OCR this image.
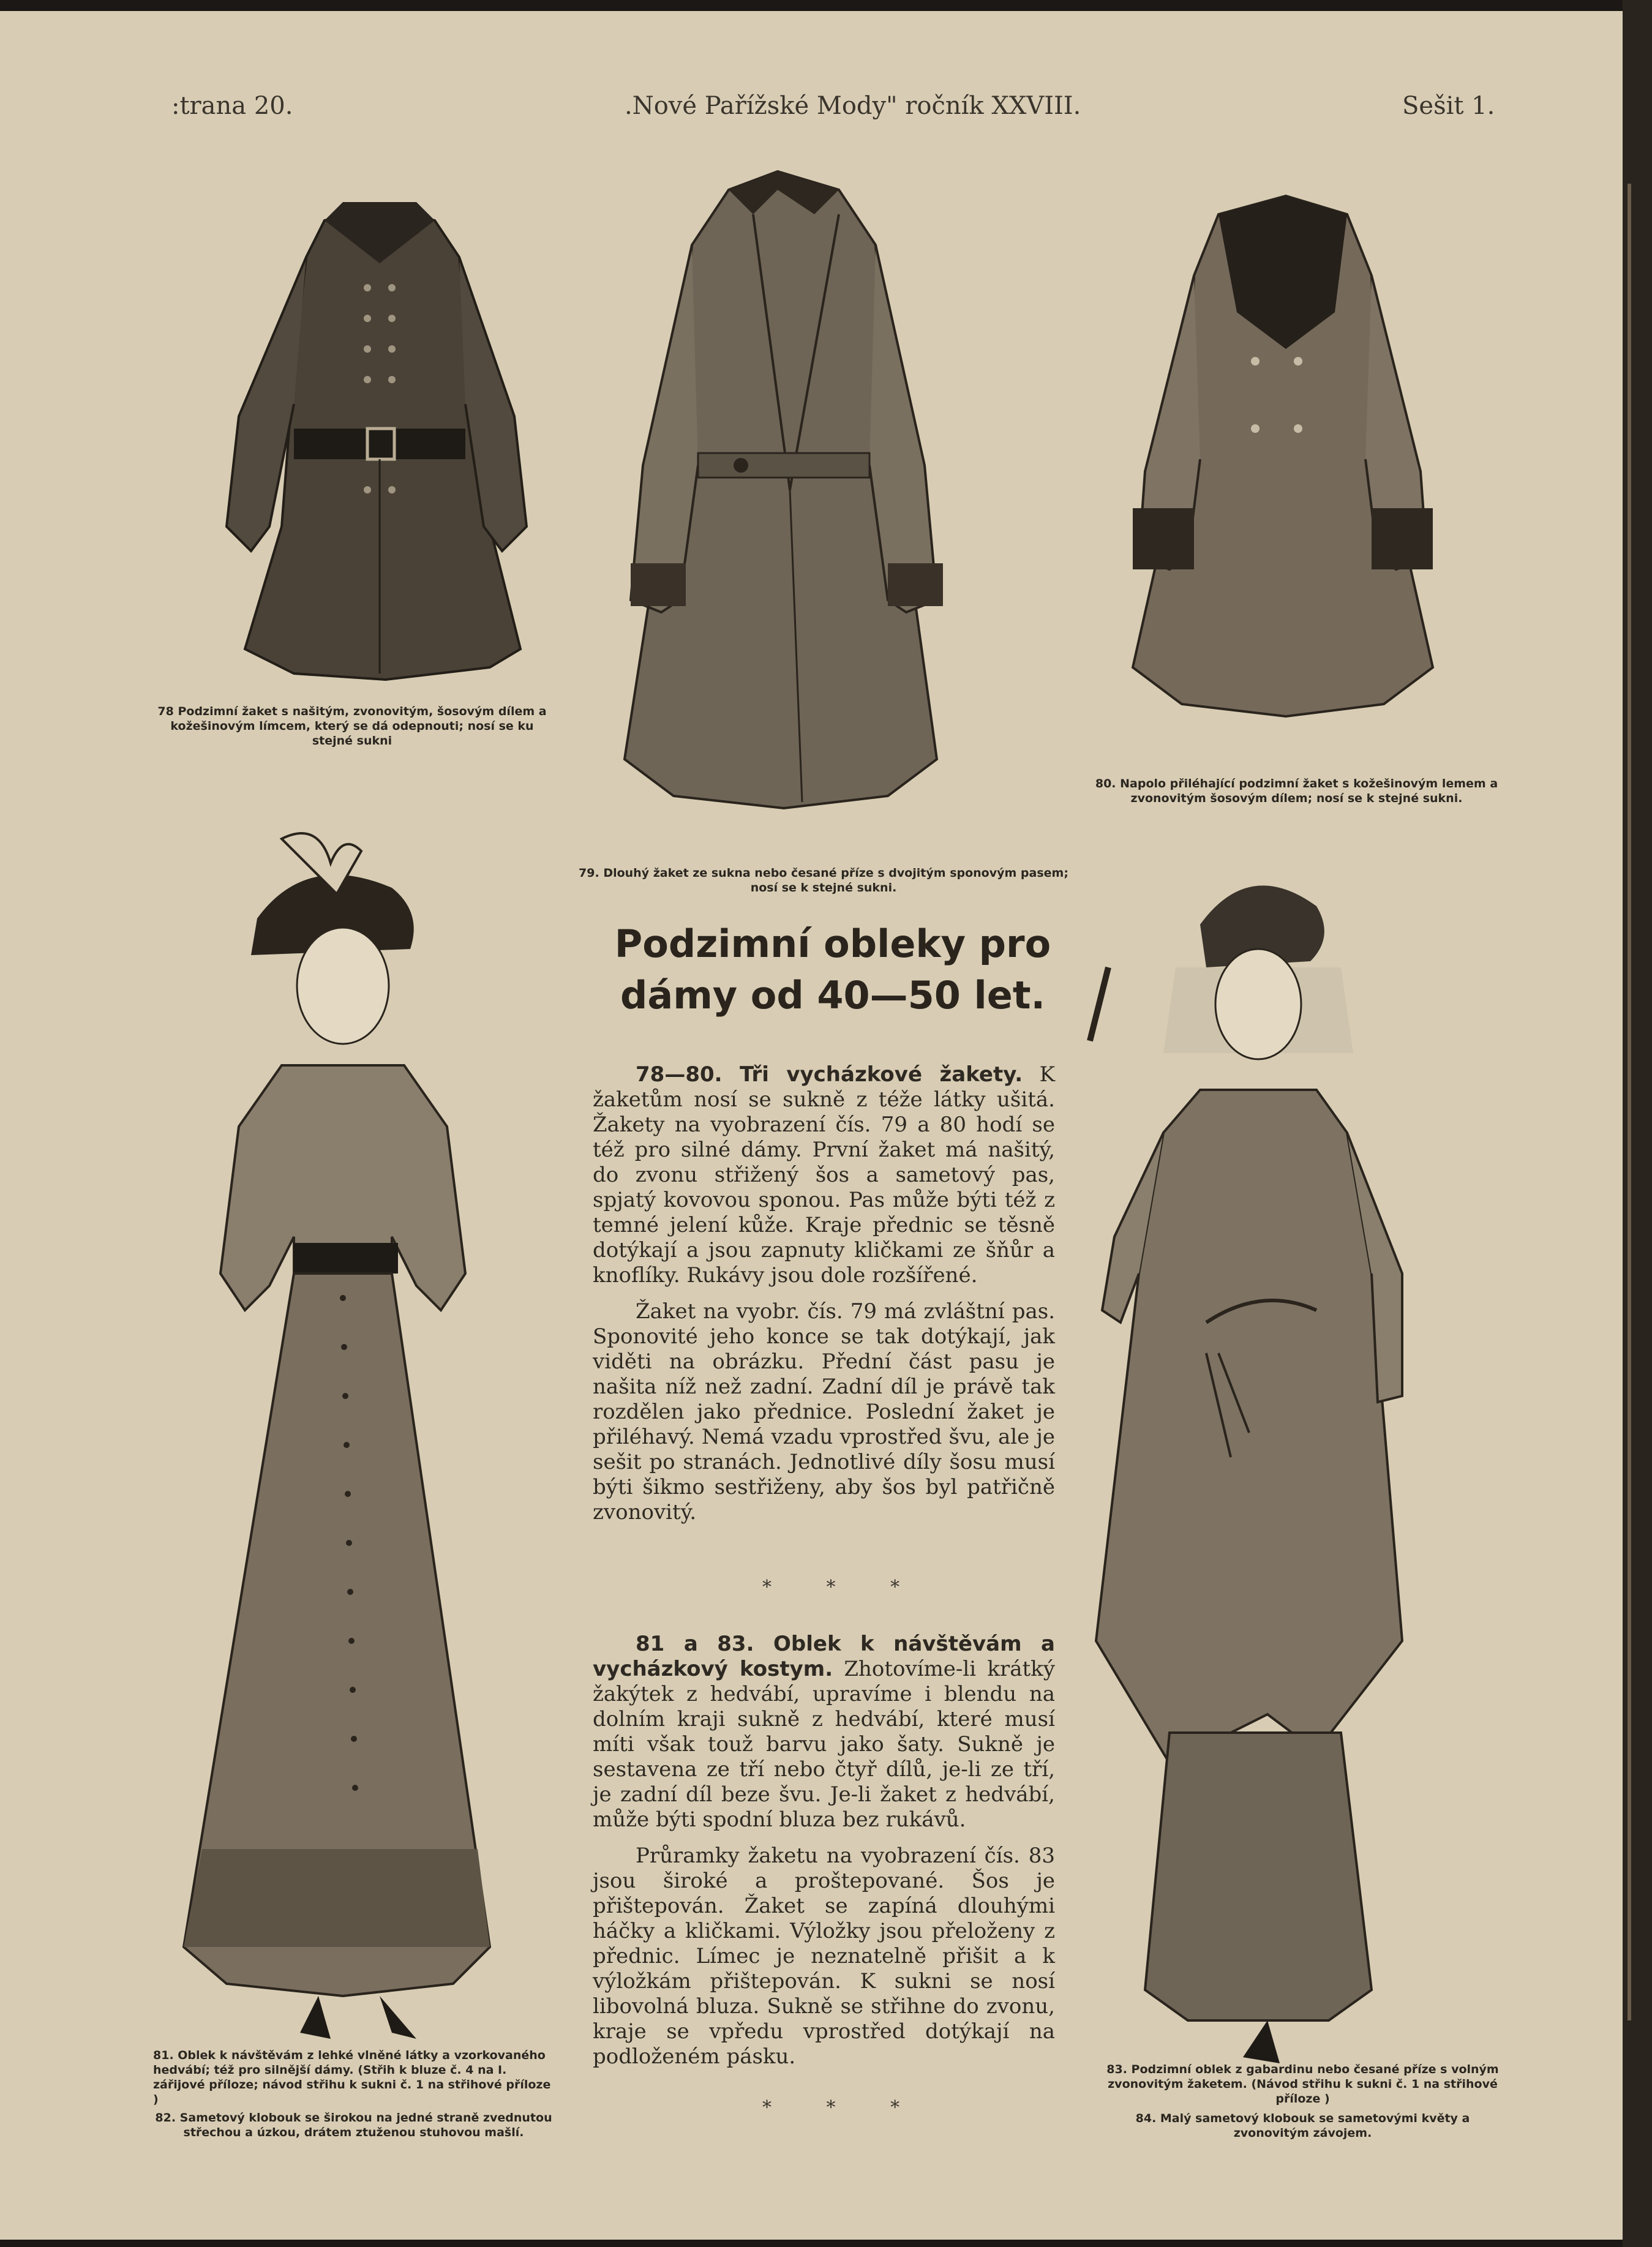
:trana 20.	.Nové Pařížské Mody" ročník XXVIII.	Sešit 1.
78 Podzimní žaket s našitým, zvonovitým, šosovým dílem a kožešinovým límcem, který se dá odepnouti; nosí se ku stejné sukni
79. Dlouhý žaket ze sukna nebo česané příze s dvojitým sponovým pasem; nosí se k stejné sukni.
80. Napolo přiléhající podzimní žaket s kožešinovým lemem a zvonovitým šosovým dílem; nosí se k stejné sukni.
81. Oblek k návštěvám z lehké vlněné látky a vzorkovaného hedvábí; též pro silnější dámy. (Střih k bluze č. 4 na I. zářijové příloze; návod střihu k sukni č. 1 na střihové příloze )
82. Sametový klobouk se širokou na jedné straně zvednutou střechou a úzkou, drátem ztuženou stuhovou mašlí.
83. Podzimní oblek z gabardinu nebo česané příze s volným zvonovitým žaketem. (Návod střihu k sukni č. 1 na střihové příloze )
84. Malý sametový klobouk se sametovými květy a zvonovitým závojem.
Podzimní obleky pro
dámy od 40—50 let.

78—80. Tři vycházkové žakety. K žaketům nosí se sukně z téže látky ušitá. Žakety na vyobrazení čís. 79 a 80 hodí se též pro silné dámy. První žaket má našitý, do zvonu střižený šos a sametový pas, spjatý kovovou sponou. Pas může býti též z temné jelení kůže. Kraje přednic se těsně dotýkají a jsou zapnuty kličkami ze šňůr a knoflíky. Rukávy jsou dole rozšířené.

Žaket na vyobr. čís. 79 má zvláštní pas. Sponovité jeho konce se tak dotýkají, jak viděti na obrázku. Přední část pasu je našita níž než zadní. Zadní díl je právě tak rozdělen jako přednice. Poslední žaket je přiléhavý. Nemá vzadu vprostřed švu, ale je sešit po stranách. Jednotlivé díly šosu musí býti šikmo sestřiženy, aby šos byl patřičně zvonovitý.

* * *

81 a 83. Oblek k návštěvám a vycházkový kostym. Zhotovíme-li krátký žakýtek z hedvábí, upravíme i blendu na dolním kraji sukně z hedvábí, které musí míti však touž barvu jako šaty. Sukně je sestavena ze tří nebo čtyř dílů, je-li ze tří, je zadní díl beze švu. Je-li žaket z hedvábí, může býti spodní bluza bez rukávů.

Průramky žaketu na vyobrazení čís. 83 jsou široké a proštepované. Šos je přištepován. Žaket se zapíná dlouhými háčky a kličkami. Výložky jsou přeloženy z přednic. Límec je neznatelně přišit a k výložkám přištepován. K sukni se nosí libovolná bluza. Sukně se střihne do zvonu, kraje se vpředu vprostřed dotýkají na podloženém pásku.

* * *
